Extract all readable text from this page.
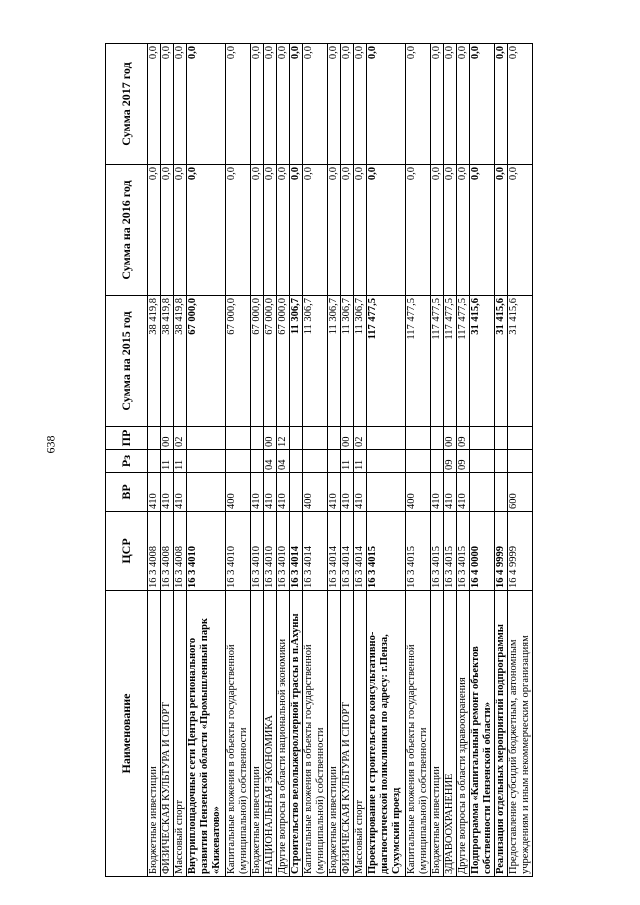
638
Наименование	ЦСР	ВР	Рз	ПР	Сумма на 2015 год	Сумма на 2016 год	Сумма 2017 год
Бюджетные инвестиции	16 3 4008	410			38 419,8	0,0	0,0
ФИЗИЧЕСКАЯ КУЛЬТУРА И СПОРТ	16 3 4008	410	11	00	38 419,8	0,0	0,0
Массовый спорт	16 3 4008	410	11	02	38 419,8	0,0	0,0
Внутриплощадочные сети Центра регионального развития Пензенской области «Промышленный парк «Кижеватово»	16 3 4010				67 000,0	0,0	0,0
Капитальные вложения в объекты государственной (муниципальной) собственности	16 3 4010	400			67 000,0	0,0	0,0
Бюджетные инвестиции	16 3 4010	410			67 000,0	0,0	0,0
НАЦИОНАЛЬНАЯ ЭКОНОМИКА	16 3 4010	410	04	00	67 000,0	0,0	0,0
Другие вопросы в области национальной экономики	16 3 4010	410	04	12	67 000,0	0,0	0,0
Строительство велолыжероллерной трассы в п.Ахуны	16 3 4014				11 306,7	0,0	0,0
Капитальные вложения в объекты государственной (муниципальной) собственности	16 3 4014	400			11 306,7	0,0	0,0
Бюджетные инвестиции	16 3 4014	410			11 306,7	0,0	0,0
ФИЗИЧЕСКАЯ КУЛЬТУРА И СПОРТ	16 3 4014	410	11	00	11 306,7	0,0	0,0
Массовый спорт	16 3 4014	410	11	02	11 306,7	0,0	0,0
Проектирование и строительство консультативно-диагностической поликлиники по адресу: г.Пенза, Сухумский проезд	16 3 4015				117 477,5	0,0	0,0
Капитальные вложения в объекты государственной (муниципальной) собственности	16 3 4015	400			117 477,5	0,0	0,0
Бюджетные инвестиции	16 3 4015	410			117 477,5	0,0	0,0
ЗДРАВООХРАНЕНИЕ	16 3 4015	410	09	00	117 477,5	0,0	0,0
Другие вопросы в области здравоохранения	16 3 4015	410	09	09	117 477,5	0,0	0,0
Подпрограмма «Капитальный ремонт объектов собственности Пензенской области»	16 4 0000				31 415,6	0,0	0,0
Реализация отдельных мероприятий подпрограммы	16 4 9999				31 415,6	0,0	0,0
Предоставление субсидий бюджетным, автономным учреждениям и иным некоммерческим организациям	16 4 9999	600			31 415,6	0,0	0,0
